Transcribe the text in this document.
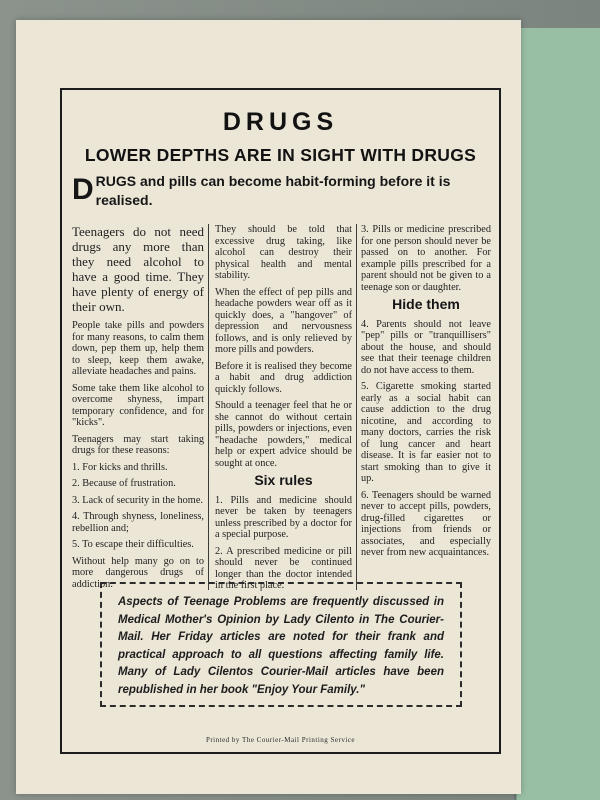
DRUGS
LOWER DEPTHS ARE IN SIGHT WITH DRUGS
DRUGS and pills can become habit-forming before it is realised.

Teenagers do not need drugs any more than they need alcohol to have a good time. They have plenty of energy of their own.

People take pills and powders for many reasons, to calm them down, pep them up, help them to sleep, keep them awake, alleviate headaches and pains.

Some take them like alcohol to overcome shyness, impart temporary confidence, and for "kicks".

Teenagers may start taking drugs for these reasons:

1. For kicks and thrills.

2. Because of frustration.

3. Lack of security in the home.

4. Through shyness, loneliness, rebellion and;

5. To escape their difficulties.

Without help many go on to more dangerous drugs of addiction.

They should be told that excessive drug taking, like alcohol can destroy their physical health and mental stability.

When the effect of pep pills and headache powders wear off as it quickly does, a "hangover" of depression and nervousness follows, and is only relieved by more pills and powders.

Before it is realised they become a habit and drug addiction quickly follows.

Should a teenager feel that he or she cannot do without certain pills, powders or injections, even "headache powders," medical help or expert advice should be sought at once.

Six rules

1. Pills and medicine should never be taken by teenagers unless prescribed by a doctor for a special purpose.

2. A prescribed medicine or pill should never be continued longer than the doctor intended in the first place.

3. Pills or medicine prescribed for one person should never be passed on to another. For example pills prescribed for a parent should not be given to a teenage son or daughter.

Hide them

4. Parents should not leave "pep" pills or "tranquillisers" about the house, and should see that their teenage children do not have access to them.

5. Cigarette smoking started early as a social habit can cause addiction to the drug nicotine, and according to many doctors, carries the risk of lung cancer and heart disease. It is far easier not to start smoking than to give it up.

6. Teenagers should be warned never to accept pills, powders, drug-filled cigarettes or injections from friends or associates, and especially never from new acquaintances.

Aspects of Teenage Problems are frequently discussed in Medical Mother's Opinion by Lady Cilento in The Courier-Mail. Her Friday articles are noted for their frank and practical approach to all questions affecting family life. Many of Lady Cilentos Courier-Mail articles have been republished in her book "Enjoy Your Family."
Printed by The Courier-Mail Printing Service
